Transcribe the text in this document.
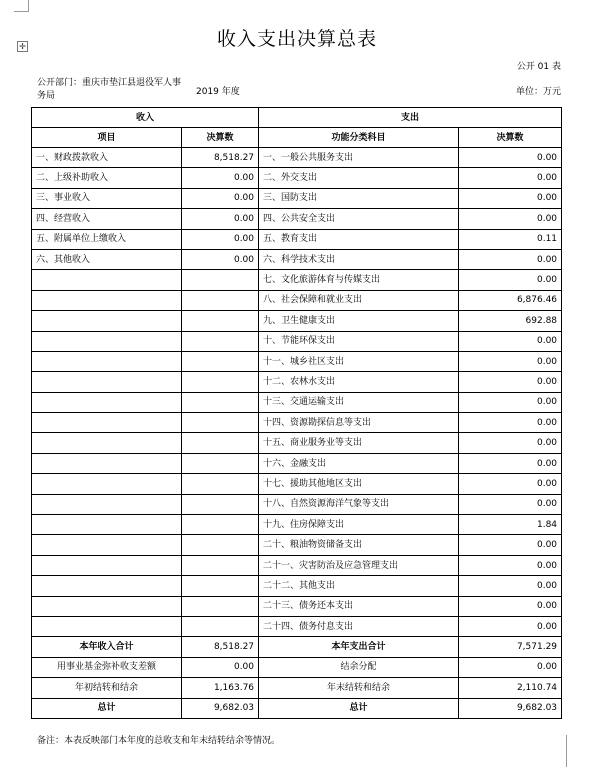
✛	收入支出决算总表
公开 01 表
公开部门：重庆市垫江县退役军人事务局	2019 年度	单位：万元
收入		支出	
项目	决算数	功能分类科目	决算数
一、财政拨款收入	8,518.27	一、一般公共服务支出	0.00
二、上级补助收入	0.00	二、外交支出	0.00
三、事业收入	0.00	三、国防支出	0.00
四、经营收入	0.00	四、公共安全支出	0.00
五、附属单位上缴收入	0.00	五、教育支出	0.11
六、其他收入	0.00	六、科学技术支出	0.00
		七、文化旅游体育与传媒支出	0.00
		八、社会保障和就业支出	6,876.46
		九、卫生健康支出	692.88
		十、节能环保支出	0.00
		十一、城乡社区支出	0.00
		十二、农林水支出	0.00
		十三、交通运输支出	0.00
		十四、资源勘探信息等支出	0.00
		十五、商业服务业等支出	0.00
		十六、金融支出	0.00
		十七、援助其他地区支出	0.00
		十八、自然资源海洋气象等支出	0.00
		十九、住房保障支出	1.84
		二十、粮油物资储备支出	0.00
		二十一、灾害防治及应急管理支出	0.00
		二十二、其他支出	0.00
		二十三、债务还本支出	0.00
		二十四、债务付息支出	0.00
本年收入合计	8,518.27	本年支出合计	7,571.29
用事业基金弥补收支差额	0.00	结余分配	0.00
年初结转和结余	1,163.76	年末结转和结余	2,110.74
总计	9,682.03	总计	9,682.03
备注：本表反映部门本年度的总收支和年末结转结余等情况。
